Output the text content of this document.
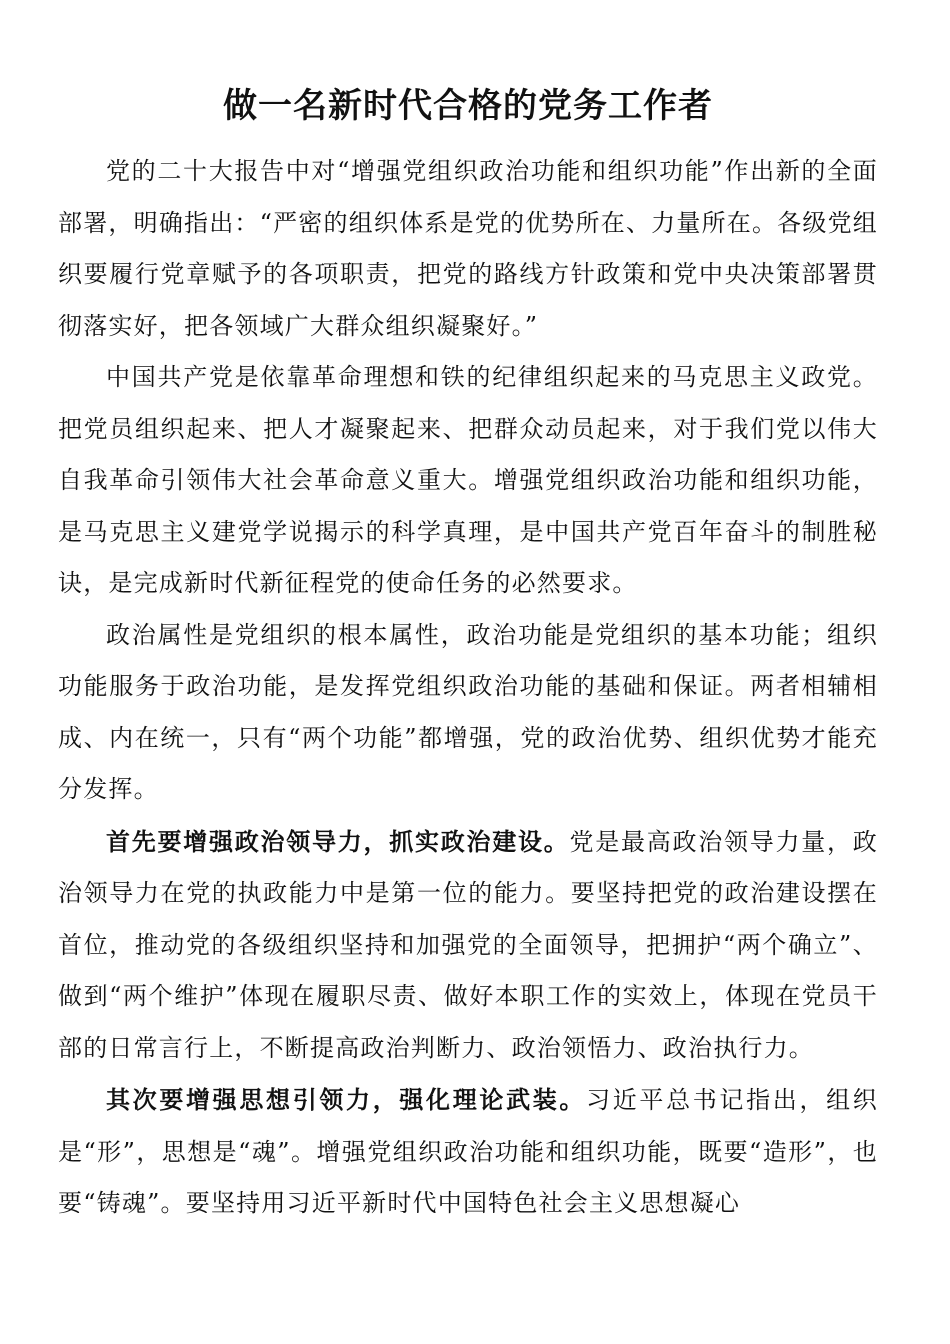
做一名新时代合格的党务工作者

党的二十大报告中对“增强党组织政治功能和组织功能”作出新的全面部署，明确指出：“严密的组织体系是党的优势所在、力量所在。各级党组织要履行党章赋予的各项职责，把党的路线方针政策和党中央决策部署贯彻落实好，把各领域广大群众组织凝聚好。”

中国共产党是依靠革命理想和铁的纪律组织起来的马克思主义政党。把党员组织起来、把人才凝聚起来、把群众动员起来，对于我们党以伟大自我革命引领伟大社会革命意义重大。增强党组织政治功能和组织功能，是马克思主义建党学说揭示的科学真理，是中国共产党百年奋斗的制胜秘诀，是完成新时代新征程党的使命任务的必然要求。

政治属性是党组织的根本属性，政治功能是党组织的基本功能；组织功能服务于政治功能，是发挥党组织政治功能的基础和保证。两者相辅相成、内在统一，只有“两个功能”都增强，党的政治优势、组织优势才能充分发挥。

首先要增强政治领导力，抓实政治建设。党是最高政治领导力量，政治领导力在党的执政能力中是第一位的能力。要坚持把党的政治建设摆在首位，推动党的各级组织坚持和加强党的全面领导，把拥护“两个确立”、做到“两个维护”体现在履职尽责、做好本职工作的实效上，体现在党员干部的日常言行上，不断提高政治判断力、政治领悟力、政治执行力。

其次要增强思想引领力，强化理论武装。习近平总书记指出，组织是“形”，思想是“魂”。增强党组织政治功能和组织功能，既要“造形”，也要“铸魂”。要坚持用习近平新时代中国特色社会主义思想凝心
